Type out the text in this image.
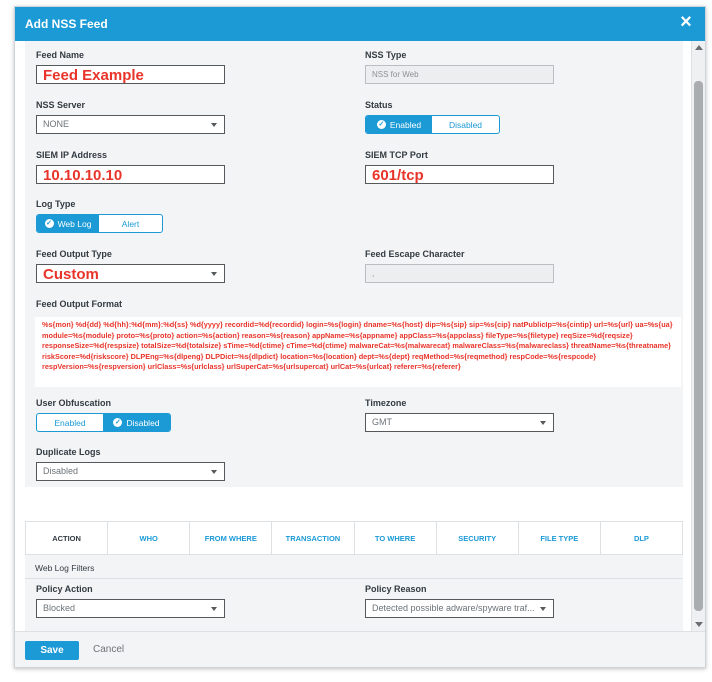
Add NSS Feed	×
Feed Name
Feed Example
NSS Type
NSS for Web
NSS Server
NONE
Status
✓ Enabled	Disabled
SIEM IP Address
10.10.10.10
SIEM TCP Port
601/tcp
Log Type
✓ Web Log	Alert
Feed Output Type
Custom
Feed Escape Character
,
Feed Output Format
%s{mon} %d{dd} %d{hh}:%d{mm}:%d{ss} %d{yyyy} recordid=%d{recordid} login=%s{login} dname=%s{host} dip=%s{sip} sip=%s{cip} natPublicIp=%s{cintip} url=%s{url} ua=%s{ua} module=%s{module} proto=%s{proto} action=%s{action} reason=%s{reason} appName=%s{appname} appClass=%s{appclass} fileType=%s{filetype} reqSize=%d{reqsize} responseSize=%d{respsize} totalSize=%d{totalsize} sTime=%d{ctime} cTime=%d{ctime} malwareCat=%s{malwarecat} malwareClass=%s{malwareclass} threatName=%s{threatname} riskScore=%d{riskscore} DLPEng=%s{dlpeng} DLPDict=%s{dlpdict} location=%s{location} dept=%s{dept} reqMethod=%s{reqmethod} respCode=%s{respcode} respVersion=%s{respversion} urlClass=%s{urlclass} urlSuperCat=%s{urlsupercat} urlCat=%s{urlcat} referer=%s{referer}
User Obfuscation
Enabled	✓ Disabled
Timezone
GMT
Duplicate Logs
Disabled
ACTION	WHO	FROM WHERE	TRANSACTION	TO WHERE	SECURITY	FILE TYPE	DLP
Web Log Filters
Policy Action
Blocked
Policy Reason
Detected possible adware/spyware traf...
Save	Cancel
